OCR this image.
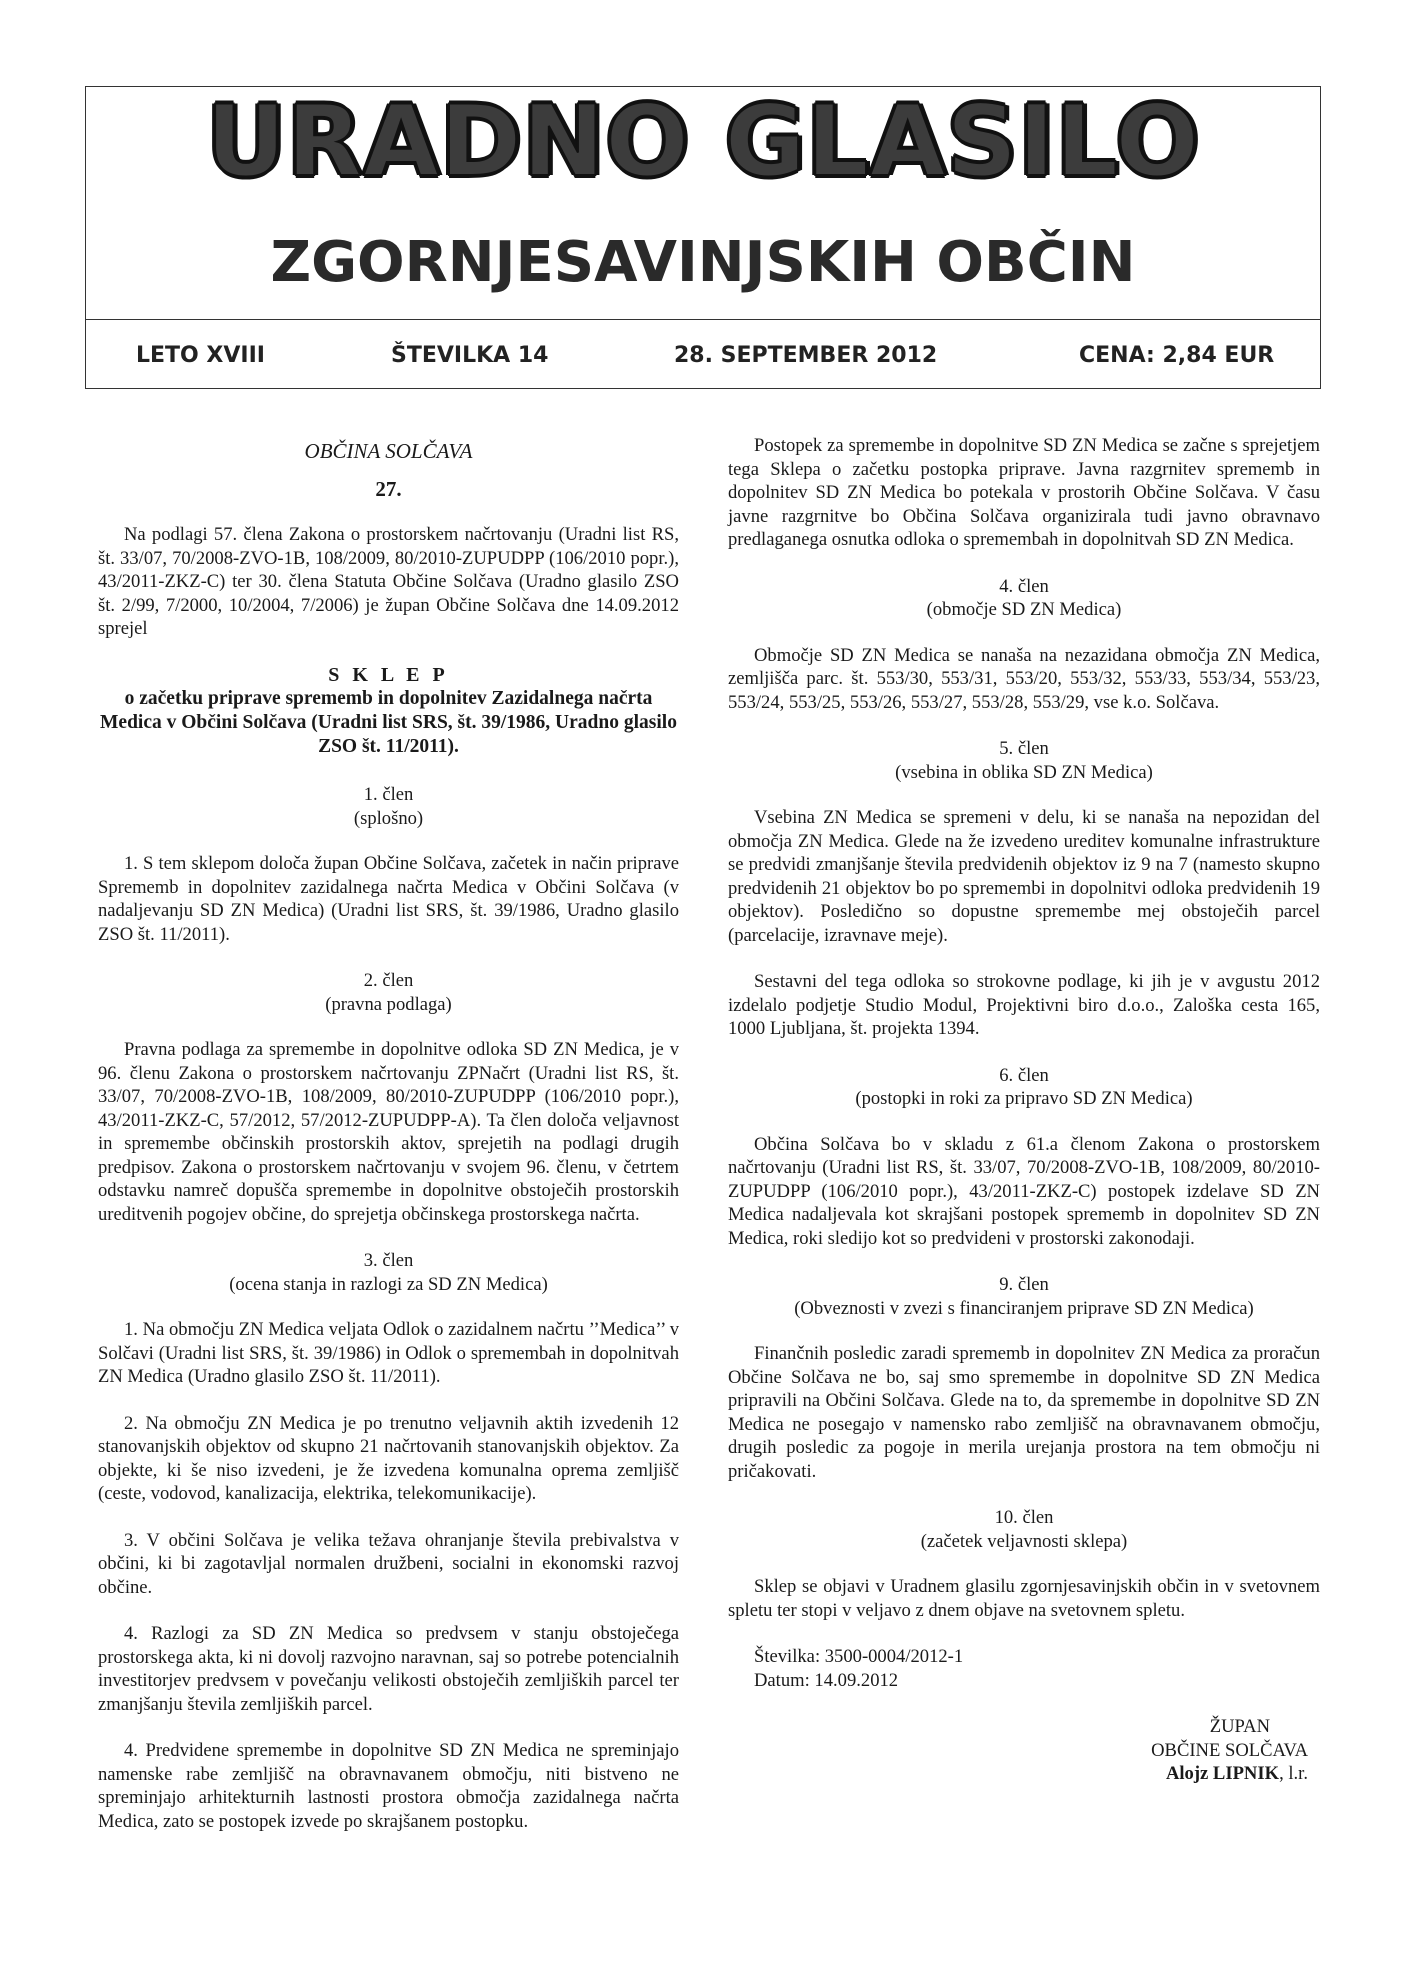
URADNO GLASILO
ZGORNJESAVINJSKIH OBČIN
LETO XVIII	ŠTEVILKA 14	28. SEPTEMBER 2012	CENA: 2,84 EUR
OBČINA SOLČAVA
27.

Na podlagi 57. člena Zakona o prostorskem načrtovanju (Uradni list RS, št. 33/07, 70/2008-ZVO-1B, 108/2009, 80/2010-ZUPUDPP (106/2010 popr.), 43/2011-ZKZ-C) ter 30. člena Statuta Občine Solčava (Uradno glasilo ZSO št. 2/99, 7/2000, 10/2004, 7/2006) je župan Občine Solčava dne 14.09.2012 sprejel

S K L E P
o začetku priprave sprememb in dopolnitev Zazidalnega načrta Medica v Občini Solčava (Uradni list SRS, št. 39/1986, Uradno glasilo ZSO št. 11/2011).
1. člen
(splošno)

1. S tem sklepom določa župan Občine Solčava, začetek in način priprave Sprememb in dopolnitev zazidalnega načrta Medica v Občini Solčava (v nadaljevanju SD ZN Medica) (Uradni list SRS, št. 39/1986, Uradno glasilo ZSO št. 11/2011).

2. člen
(pravna podlaga)

Pravna podlaga za spremembe in dopolnitve odloka SD ZN Medica, je v 96. členu Zakona o prostorskem načrtovanju ZPNačrt (Uradni list RS, št. 33/07, 70/2008-ZVO-1B, 108/2009, 80/2010-ZUPUDPP (106/2010 popr.), 43/2011-ZKZ-C, 57/2012, 57/2012-ZUPUDPP-A). Ta člen določa veljavnost in spremembe občinskih prostorskih aktov, sprejetih na podlagi drugih predpisov. Zakona o prostorskem načrtovanju v svojem 96. členu, v četrtem odstavku namreč dopušča spremembe in dopolnitve obstoječih prostorskih ureditvenih pogojev občine, do sprejetja občinskega prostorskega načrta.

3. člen
(ocena stanja in razlogi za SD ZN Medica)

1. Na območju ZN Medica veljata Odlok o zazidalnem načrtu ’’Medica’’ v Solčavi (Uradni list SRS, št. 39/1986) in Odlok o spremembah in dopolnitvah ZN Medica (Uradno glasilo ZSO št. 11/2011).

2. Na območju ZN Medica je po trenutno veljavnih aktih izvedenih 12 stanovanjskih objektov od skupno 21 načrtovanih stanovanjskih objektov. Za objekte, ki še niso izvedeni, je že izvedena komunalna oprema zemljišč (ceste, vodovod, kanalizacija, elektrika, telekomunikacije).

3. V občini Solčava je velika težava ohranjanje števila prebivalstva v občini, ki bi zagotavljal normalen družbeni, socialni in ekonomski razvoj občine.

4. Razlogi za SD ZN Medica so predvsem v stanju obstoječega prostorskega akta, ki ni dovolj razvojno naravnan, saj so potrebe potencialnih investitorjev predvsem v povečanju velikosti obstoječih zemljiških parcel ter zmanjšanju števila zemljiških parcel.

4. Predvidene spremembe in dopolnitve SD ZN Medica ne spreminjajo namenske rabe zemljišč na obravnavanem območju, niti bistveno ne spreminjajo arhitekturnih lastnosti prostora območja zazidalnega načrta Medica, zato se postopek izvede po skrajšanem postopku.

Postopek za spremembe in dopolnitve SD ZN Medica se začne s sprejetjem tega Sklepa o začetku postopka priprave. Javna razgrnitev sprememb in dopolnitev SD ZN Medica bo potekala v prostorih Občine Solčava. V času javne razgrnitve bo Občina Solčava organizirala tudi javno obravnavo predlaganega osnutka odloka o spremembah in dopolnitvah SD ZN Medica.

4. člen
(območje SD ZN Medica)

Območje SD ZN Medica se nanaša na nezazidana območja ZN Medica, zemljišča parc. št. 553/30, 553/31, 553/20, 553/32, 553/33, 553/34, 553/23, 553/24, 553/25, 553/26, 553/27, 553/28, 553/29, vse k.o. Solčava.

5. člen
(vsebina in oblika SD ZN Medica)

Vsebina ZN Medica se spremeni v delu, ki se nanaša na nepozidan del območja ZN Medica. Glede na že izvedeno ureditev komunalne infrastrukture se predvidi zmanjšanje števila predvidenih objektov iz 9 na 7 (namesto skupno predvidenih 21 objektov bo po spremembi in dopolnitvi odloka predvidenih 19 objektov). Posledično so dopustne spremembe mej obstoječih parcel (parcelacije, izravnave meje).

Sestavni del tega odloka so strokovne podlage, ki jih je v avgustu 2012 izdelalo podjetje Studio Modul, Projektivni biro d.o.o., Zaloška cesta 165, 1000 Ljubljana, št. projekta 1394.

6. člen
(postopki in roki za pripravo SD ZN Medica)

Občina Solčava bo v skladu z 61.a členom Zakona o prostorskem načrtovanju (Uradni list RS, št. 33/07, 70/2008-ZVO-1B, 108/2009, 80/2010-ZUPUDPP (106/2010 popr.), 43/2011-ZKZ-C) postopek izdelave SD ZN Medica nadaljevala kot skrajšani postopek sprememb in dopolnitev SD ZN Medica, roki sledijo kot so predvideni v prostorski zakonodaji.

9. člen
(Obveznosti v zvezi s financiranjem priprave SD ZN Medica)

Finančnih posledic zaradi sprememb in dopolnitev ZN Medica za proračun Občine Solčava ne bo, saj smo spremembe in dopolnitve SD ZN Medica pripravili na Občini Solčava. Glede na to, da spremembe in dopolnitve SD ZN Medica ne posegajo v namensko rabo zemljišč na obravnavanem območju, drugih posledic za pogoje in merila urejanja prostora na tem območju ni pričakovati.

10. člen
(začetek veljavnosti sklepa)

Sklep se objavi v Uradnem glasilu zgornjesavinjskih občin in v svetovnem spletu ter stopi v veljavo z dnem objave na svetovnem spletu.

Številka: 3500-0004/2012-1
Datum: 14.09.2012
ŽUPAN
OBČINE SOLČAVA
Alojz LIPNIK, l.r.
